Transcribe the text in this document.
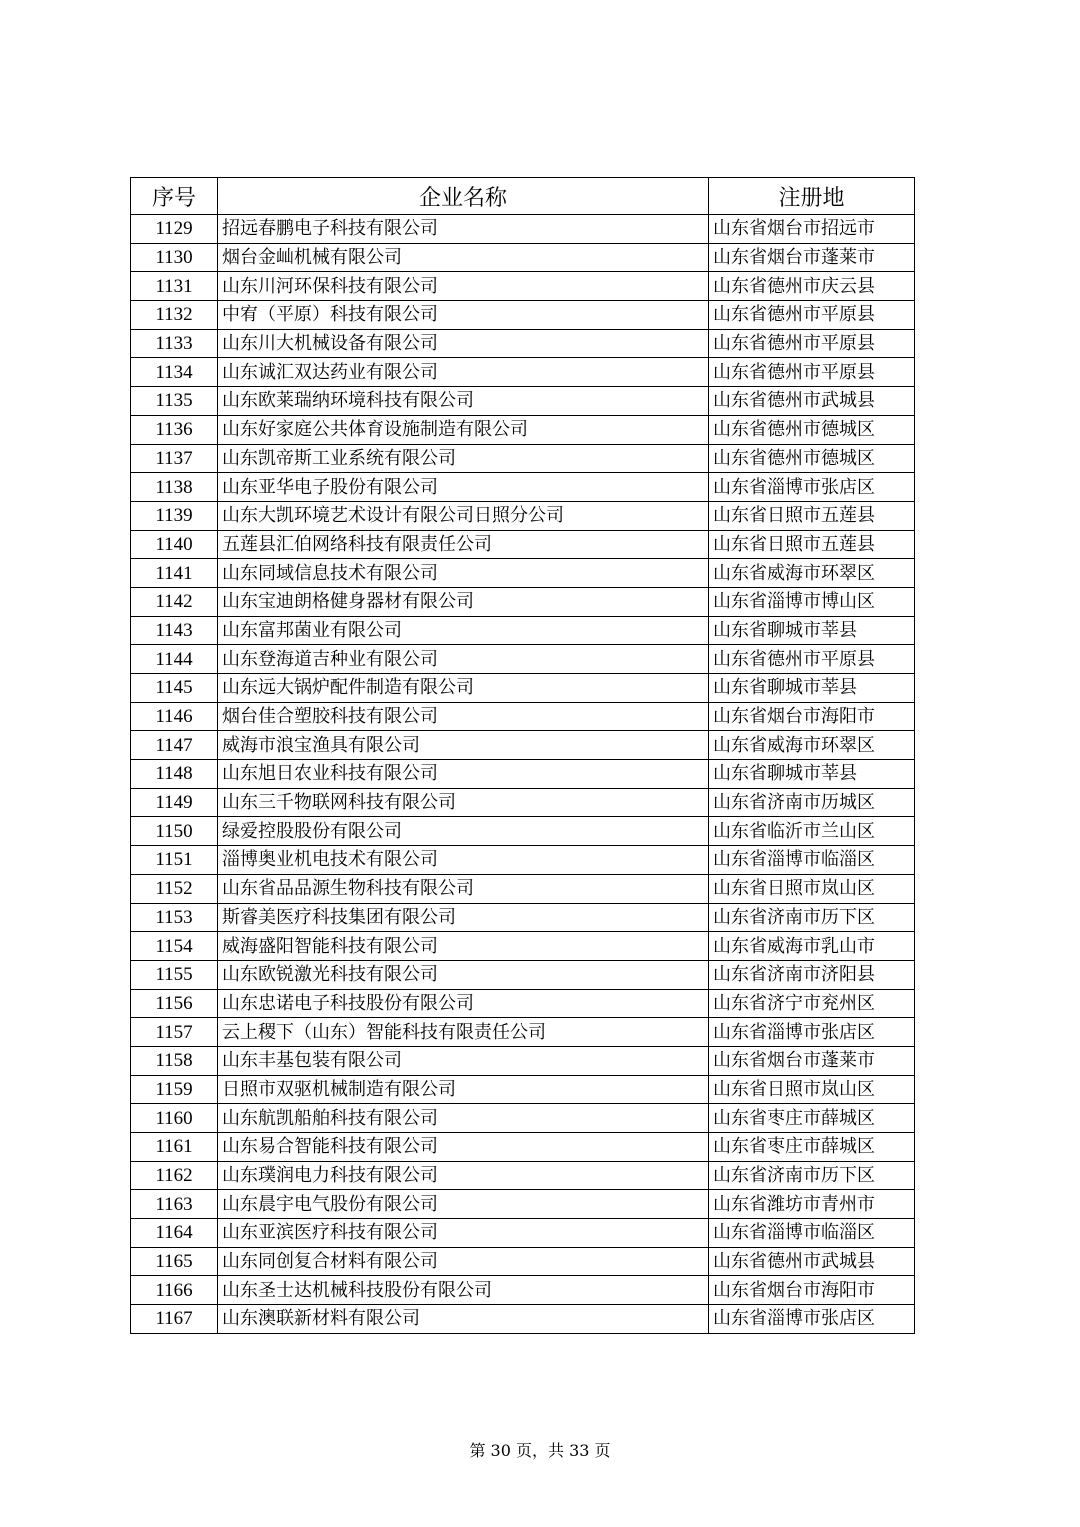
序号	企业名称	注册地
1129	招远春鹏电子科技有限公司	山东省烟台市招远市
1130	烟台金屾机械有限公司	山东省烟台市蓬莱市
1131	山东川河环保科技有限公司	山东省德州市庆云县
1132	中宥（平原）科技有限公司	山东省德州市平原县
1133	山东川大机械设备有限公司	山东省德州市平原县
1134	山东诚汇双达药业有限公司	山东省德州市平原县
1135	山东欧莱瑞纳环境科技有限公司	山东省德州市武城县
1136	山东好家庭公共体育设施制造有限公司	山东省德州市德城区
1137	山东凯帝斯工业系统有限公司	山东省德州市德城区
1138	山东亚华电子股份有限公司	山东省淄博市张店区
1139	山东大凯环境艺术设计有限公司日照分公司	山东省日照市五莲县
1140	五莲县汇伯网络科技有限责任公司	山东省日照市五莲县
1141	山东同域信息技术有限公司	山东省威海市环翠区
1142	山东宝迪朗格健身器材有限公司	山东省淄博市博山区
1143	山东富邦菌业有限公司	山东省聊城市莘县
1144	山东登海道吉种业有限公司	山东省德州市平原县
1145	山东远大锅炉配件制造有限公司	山东省聊城市莘县
1146	烟台佳合塑胶科技有限公司	山东省烟台市海阳市
1147	威海市浪宝渔具有限公司	山东省威海市环翠区
1148	山东旭日农业科技有限公司	山东省聊城市莘县
1149	山东三千物联网科技有限公司	山东省济南市历城区
1150	绿爱控股股份有限公司	山东省临沂市兰山区
1151	淄博奥业机电技术有限公司	山东省淄博市临淄区
1152	山东省品品源生物科技有限公司	山东省日照市岚山区
1153	斯睿美医疗科技集团有限公司	山东省济南市历下区
1154	威海盛阳智能科技有限公司	山东省威海市乳山市
1155	山东欧锐激光科技有限公司	山东省济南市济阳县
1156	山东忠诺电子科技股份有限公司	山东省济宁市兖州区
1157	云上稷下（山东）智能科技有限责任公司	山东省淄博市张店区
1158	山东丰基包装有限公司	山东省烟台市蓬莱市
1159	日照市双驱机械制造有限公司	山东省日照市岚山区
1160	山东航凯船舶科技有限公司	山东省枣庄市薛城区
1161	山东易合智能科技有限公司	山东省枣庄市薛城区
1162	山东璞润电力科技有限公司	山东省济南市历下区
1163	山东晨宇电气股份有限公司	山东省潍坊市青州市
1164	山东亚滨医疗科技有限公司	山东省淄博市临淄区
1165	山东同创复合材料有限公司	山东省德州市武城县
1166	山东圣士达机械科技股份有限公司	山东省烟台市海阳市
1167	山东澳联新材料有限公司	山东省淄博市张店区
第 30 页，共 33 页
